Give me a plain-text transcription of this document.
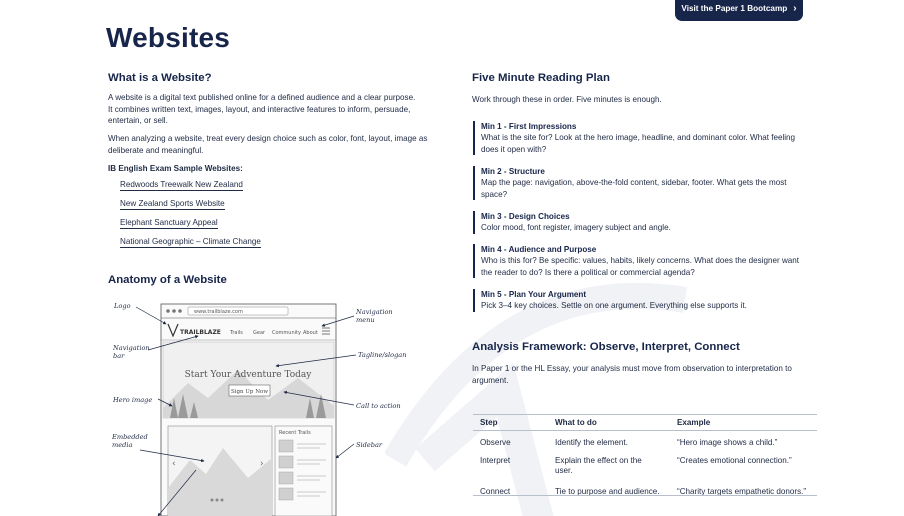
Visit the Paper 1 Bootcamp ›
Websites
What is a Website?
A website is a digital text published online for a defined audience and a clear purpose.
It combines written text, images, layout, and interactive features to inform, persuade,
entertain, or sell.
When analyzing a website, treat every design choice such as color, font, layout, image as
deliberate and meaningful.
IB English Exam Sample Websites:
Redwoods Treewalk New Zealand
New Zealand Sports Website
Elephant Sanctuary Appeal
National Geographic – Climate Change
Anatomy of a Website
www.trailblaze.com
TRAILBLAZE Trails Gear Community About
Start Your Adventure Today
Sign Up Now
‹	›
Recent Trails
Logo
Navigation
bar
Hero image
Embedded
media
Navigation
menu
Tagline/slogan
Call to action
Sidebar
Five Minute Reading Plan
Work through these in order. Five minutes is enough.
Min 1 - First Impressions
What is the site for? Look at the hero image, headline, and dominant color. What feeling
does it open with?
Min 2 - Structure
Map the page: navigation, above-the-fold content, sidebar, footer. What gets the most
space?
Min 3 - Design Choices
Color mood, font register, imagery subject and angle.
Min 4 - Audience and Purpose
Who is this for? Be specific: values, habits, likely concerns. What does the designer want
the reader to do? Is there a political or commercial agenda?
Min 5 - Plan Your Argument
Pick 3–4 key choices. Settle on one argument. Everything else supports it.
Analysis Framework: Observe, Interpret, Connect
In Paper 1 or the HL Essay, your analysis must move from observation to interpretation to
argument.
Step	What to do	Example
Observe	Identify the element.	“Hero image shows a child.”
Interpret	Explain the effect on the
user.	“Creates emotional connection.”
Connect	Tie to purpose and audience.	“Charity targets empathetic donors.”
